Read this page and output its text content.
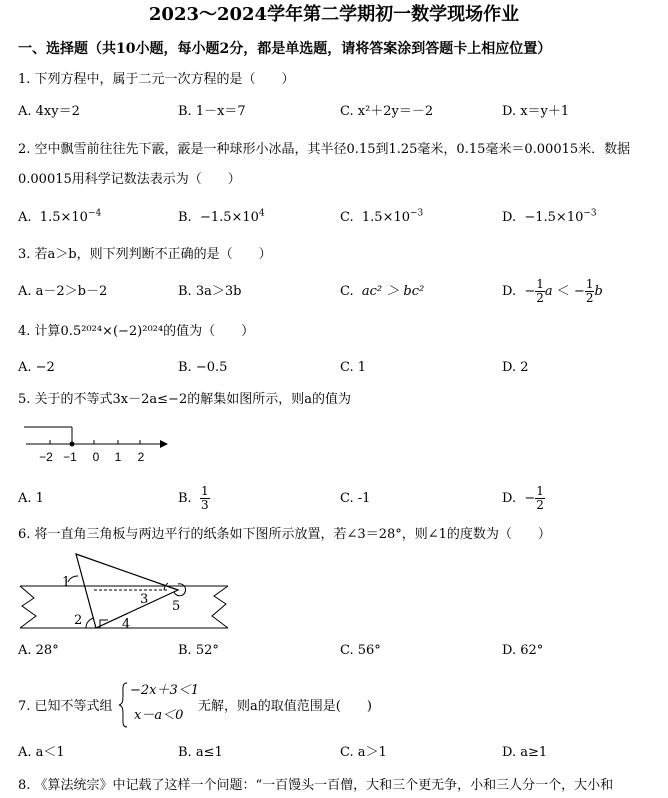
2023～2024学年第二学期初一数学现场作业
一、选择题（共10小题，每小题2分，都是单选题，请将答案涂到答题卡上相应位置）
1. 下列方程中，属于二元一次方程的是（　　）
A. 4xy＝2	B. 1－x＝7	C. x²＋2y＝－2	D. x＝y＋1
2. 空中飘雪前往往先下霰，霰是一种球形小冰晶，其半径0.15到1.25毫米，0.15毫米＝0.00015米．数据
0.00015用科学记数法表示为（　　）
A. $1.5\times 10^{-4}$	B. $-1.5\times 10^4$	C. $1.5\times 10^{-3}$	D. $-1.5\times 10^{-3}$
3. 若a＞b，则下列判断不正确的是（　　）
A. a－2＞b－2	B. 3a＞3b	C. ac² ＞ bc²	D.  − $\frac{1}{2}$ a ＜ − $\frac{1}{2}$ b
4. 计算0.5²⁰²⁴×(−2)²⁰²⁴的值为（　　）
A. −2	B. −0.5	C. 1	D. 2
5. 关于的不等式3x－2a≤−2的解集如图所示，则a的值为
−2 −1 0 1 2
A. 1	B. $\frac{1}{3}$	C. -1	D.  − $\frac{1}{2}$
6. 将一直角三角板与两边平行的纸条如下图所示放置，若∠3＝28°，则∠1的度数为（　　）
1
2
3
4
5
A. 28°	B. 52°	C. 56°	D. 62°
7. 已知不等式组
−2x＋3＜1
x－a＜0
无解，则a的取值范围是(　　)
A. a＜1	B. a≤1	C. a＞1	D. a≥1
8. 《算法统宗》中记载了这样一个问题：“一百馒头一百僧，大和三个更无争，小和三人分一个，大小和
